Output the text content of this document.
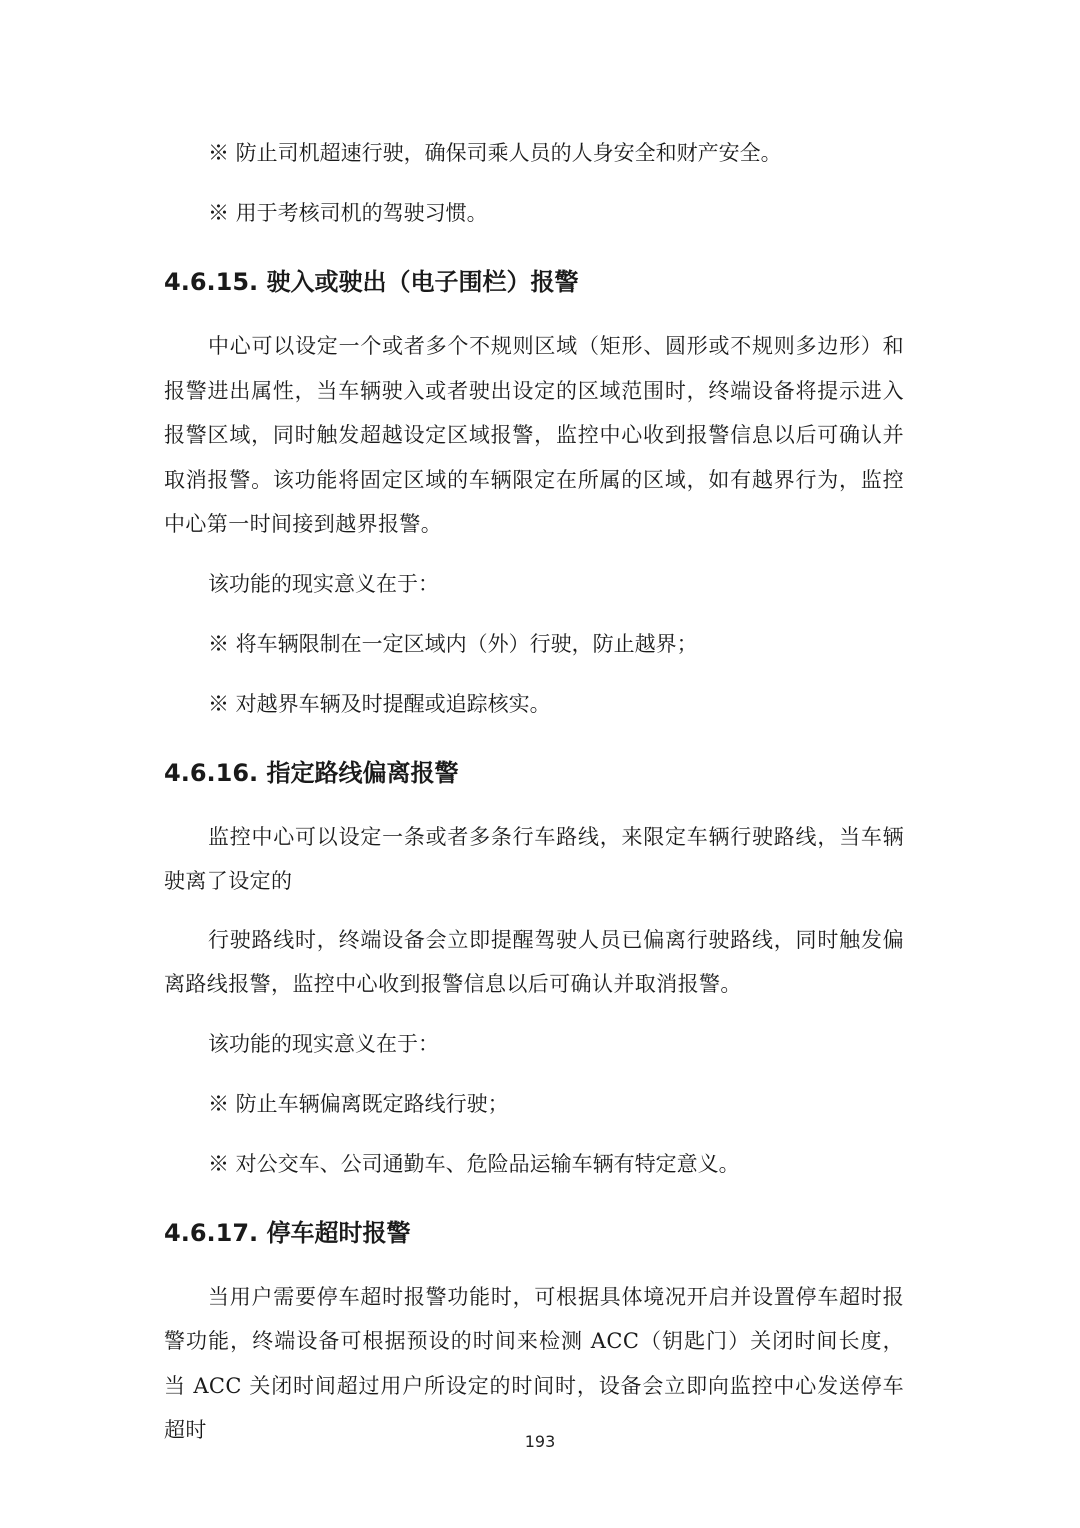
※ 防止司机超速行驶，确保司乘人员的人身安全和财产安全。

※ 用于考核司机的驾驶习惯。

4.6.15. 驶入或驶出（电子围栏）报警

中心可以设定一个或者多个不规则区域（矩形、圆形或不规则多边形）和报警进出属性，当车辆驶入或者驶出设定的区域范围时，终端设备将提示进入报警区域，同时触发超越设定区域报警，监控中心收到报警信息以后可确认并取消报警。该功能将固定区域的车辆限定在所属的区域，如有越界行为，监控中心第一时间接到越界报警。

该功能的现实意义在于：

※ 将车辆限制在一定区域内（外）行驶，防止越界；

※ 对越界车辆及时提醒或追踪核实。

4.6.16. 指定路线偏离报警

监控中心可以设定一条或者多条行车路线，来限定车辆行驶路线，当车辆驶离了设定的

行驶路线时，终端设备会立即提醒驾驶人员已偏离行驶路线，同时触发偏离路线报警，监控中心收到报警信息以后可确认并取消报警。

该功能的现实意义在于：

※ 防止车辆偏离既定路线行驶；

※ 对公交车、公司通勤车、危险品运输车辆有特定意义。

4.6.17. 停车超时报警

当用户需要停车超时报警功能时，可根据具体境况开启并设置停车超时报警功能，终端设备可根据预设的时间来检测 ACC（钥匙门）关闭时间长度，当 ACC 关闭时间超过用户所设定的时间时，设备会立即向监控中心发送停车超时	193
